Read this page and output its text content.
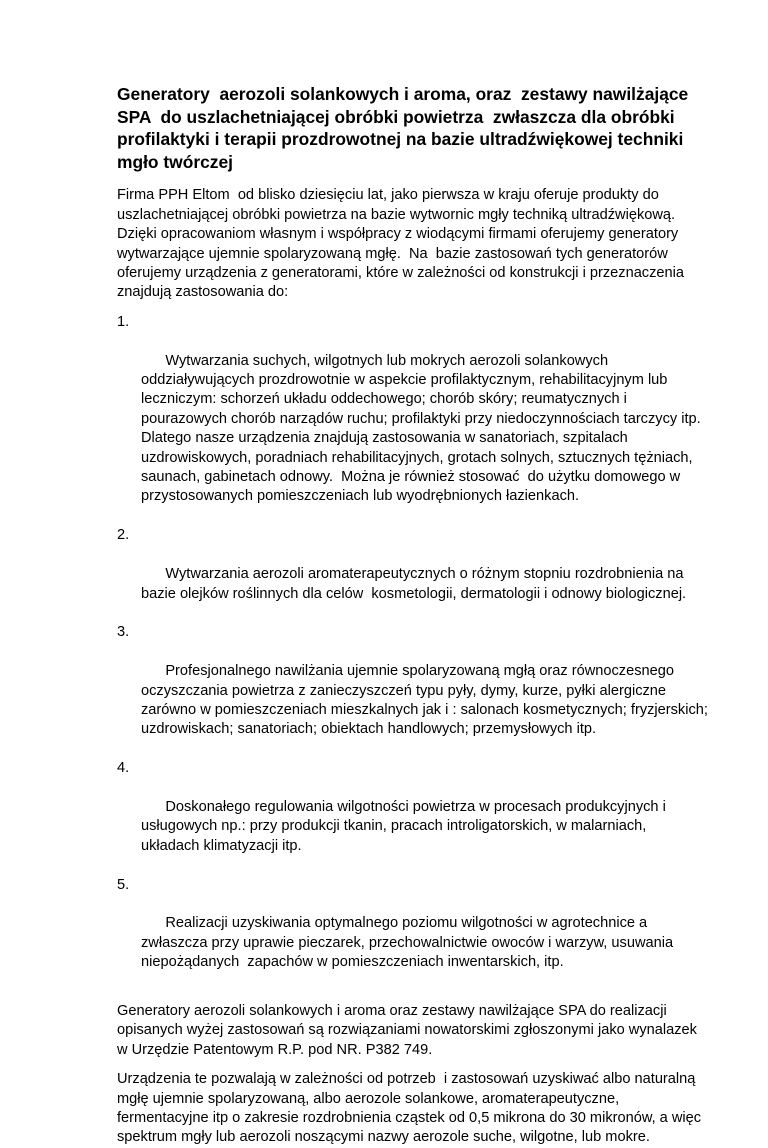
Generatory  aerozoli solankowych i aroma, oraz  zestawy nawilżające SPA  do uszlachetniającej obróbki powietrza  zwłaszcza dla obróbki profilaktyki i terapii prozdrowotnej na bazie ultradźwiękowej techniki mgło twórczej

Firma PPH Eltom  od blisko dziesięciu lat, jako pierwsza w kraju oferuje produkty do uszlachetniającej obróbki powietrza na bazie wytwornic mgły techniką ultradźwiękową. Dzięki opracowaniom własnym i współpracy z wiodącymi firmami oferujemy generatory wytwarzające ujemnie spolaryzowaną mgłę.  Na  bazie zastosowań tych generatorów oferujemy urządzenia z generatorami, które w zależności od konstrukcji i przeznaczenia znajdują zastosowania do:

1.

Wytwarzania suchych, wilgotnych lub mokrych aerozoli solankowych oddziaływujących prozdrowotnie w aspekcie profilaktycznym, rehabilitacyjnym lub leczniczym: schorzeń układu oddechowego; chorób skóry; reumatycznych i pourazowych chorób narządów ruchu; profilaktyki przy niedoczynnościach tarczycy itp. Dlatego nasze urządzenia znajdują zastosowania w sanatoriach, szpitalach uzdrowiskowych, poradniach rehabilitacyjnych, grotach solnych, sztucznych tężniach, saunach, gabinetach odnowy.  Można je również stosować  do użytku domowego w przystosowanych pomieszczeniach lub wyodrębnionych łazienkach.

2.

Wytwarzania aerozoli aromaterapeutycznych o różnym stopniu rozdrobnienia na bazie olejków roślinnych dla celów  kosmetologii, dermatologii i odnowy biologicznej.

3.

Profesjonalnego nawilżania ujemnie spolaryzowaną mgłą oraz równoczesnego oczyszczania powietrza z zanieczyszczeń typu pyły, dymy, kurze, pyłki alergiczne zarówno w pomieszczeniach mieszkalnych jak i : salonach kosmetycznych; fryzjerskich; uzdrowiskach; sanatoriach; obiektach handlowych; przemysłowych itp.

4.

Doskonałego regulowania wilgotności powietrza w procesach produkcyjnych i usługowych np.: przy produkcji tkanin, pracach introligatorskich, w malarniach, układach klimatyzacji itp.

5.

Realizacji uzyskiwania optymalnego poziomu wilgotności w agrotechnice a zwłaszcza przy uprawie pieczarek, przechowalnictwie owoców i warzyw, usuwania niepożądanych  zapachów w pomieszczeniach inwentarskich, itp.

Generatory aerozoli solankowych i aroma oraz zestawy nawilżające SPA do realizacji opisanych wyżej zastosowań są rozwiązaniami nowatorskimi zgłoszonymi jako wynalazek w Urzędzie Patentowym R.P. pod NR. P382 749.

Urządzenia te pozwalają w zależności od potrzeb  i zastosowań uzyskiwać albo naturalną mgłę ujemnie spolaryzowaną, albo aerozole solankowe, aromaterapeutyczne, fermentacyjne itp o zakresie rozdrobnienia cząstek od 0,5 mikrona do 30 mikronów, a więc spektrum mgły lub aerozoli noszącymi nazwy aerozole suche, wilgotne, lub mokre.
